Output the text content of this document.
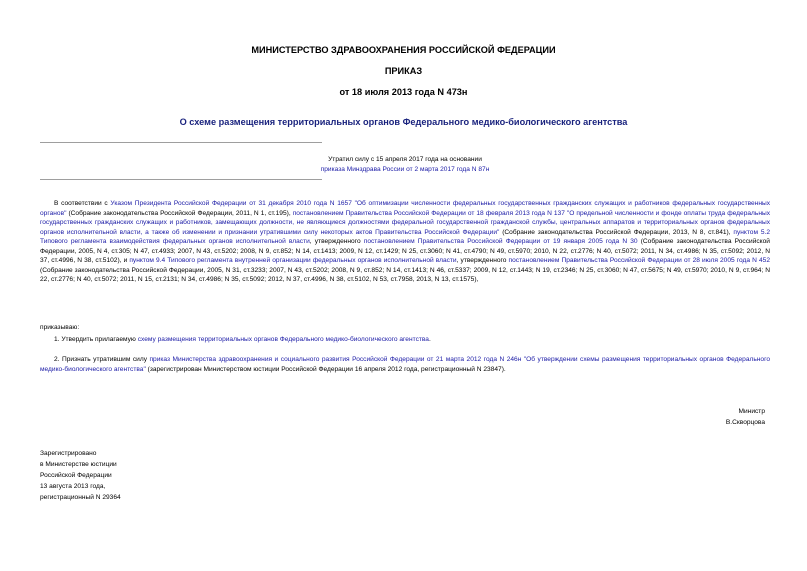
МИНИСТЕРСТВО ЗДРАВООХРАНЕНИЯ РОССИЙСКОЙ ФЕДЕРАЦИИ
ПРИКАЗ
от 18 июля 2013 года N 473н
О схеме размещения территориальных органов Федерального медико-биологического агентства
Утратил силу с 15 апреля 2017 года на основании
приказа Минздрава России от 2 марта 2017 года N 87н

В соответствии с Указом Президента Российской Федерации от 31 декабря 2010 года N 1657 "Об оптимизации численности федеральных государственных гражданских служащих и работников федеральных государственных органов" (Собрание законодательства Российской Федерации, 2011, N 1, ст.195), постановлением Правительства Российской Федерации от 18 февраля 2013 года N 137 "О предельной численности и фонде оплаты труда федеральных государственных гражданских служащих и работников, замещающих должности, не являющиеся должностями федеральной государственной гражданской службы, центральных аппаратов и территориальных органов федеральных органов исполнительной власти, а также об изменении и признании утратившими силу некоторых актов Правительства Российской Федерации" (Собрание законодательства Российской Федерации, 2013, N 8, ст.841), пунктом 5.2 Типового регламента взаимодействия федеральных органов исполнительной власти, утвержденного постановлением Правительства Российской Федерации от 19 января 2005 года N 30 (Собрание законодательства Российской Федерации, 2005, N 4, ст.305; N 47, ст.4933; 2007, N 43, ст.5202; 2008, N 9, ст.852; N 14, ст.1413; 2009, N 12, ст.1429; N 25, ст.3060; N 41, ст.4790; N 49, ст.5970; 2010, N 22, ст.2776; N 40, ст.5072; 2011, N 34, ст.4986; N 35, ст.5092; 2012, N 37, ст.4996, N 38, ст.5102), и пунктом 9.4 Типового регламента внутренней организации федеральных органов исполнительной власти, утвержденного постановлением Правительства Российской Федерации от 28 июля 2005 года N 452 (Собрание законодательства Российской Федерации, 2005, N 31, ст.3233; 2007, N 43, ст.5202; 2008, N 9, ст.852; N 14, ст.1413; N 46, ст.5337; 2009, N 12, ст.1443; N 19, ст.2346; N 25, ст.3060; N 47, ст.5675; N 49, ст.5970; 2010, N 9, ст.964; N 22, ст.2776; N 40, ст.5072; 2011, N 15, ст.2131; N 34, ст.4986; N 35, ст.5092; 2012, N 37, ст.4996, N 38, ст.5102, N 53, ст.7958, 2013, N 13, ст.1575),

приказываю:
1. Утвердить прилагаемую схему размещения территориальных органов Федерального медико-биологического агентства.
2. Признать утратившим силу приказ Министерства здравоохранения и социального развития Российской Федерации от 21 марта 2012 года N 246н "Об утверждении схемы размещения территориальных органов Федерального медико-биологического агентства" (зарегистрирован Министерством юстиции Российской Федерации 16 апреля 2012 года, регистрационный N 23847).
Министр
В.Скворцова
Зарегистрировано
в Министерстве юстиции
Российской Федерации
13 августа 2013 года,
регистрационный N 29364
